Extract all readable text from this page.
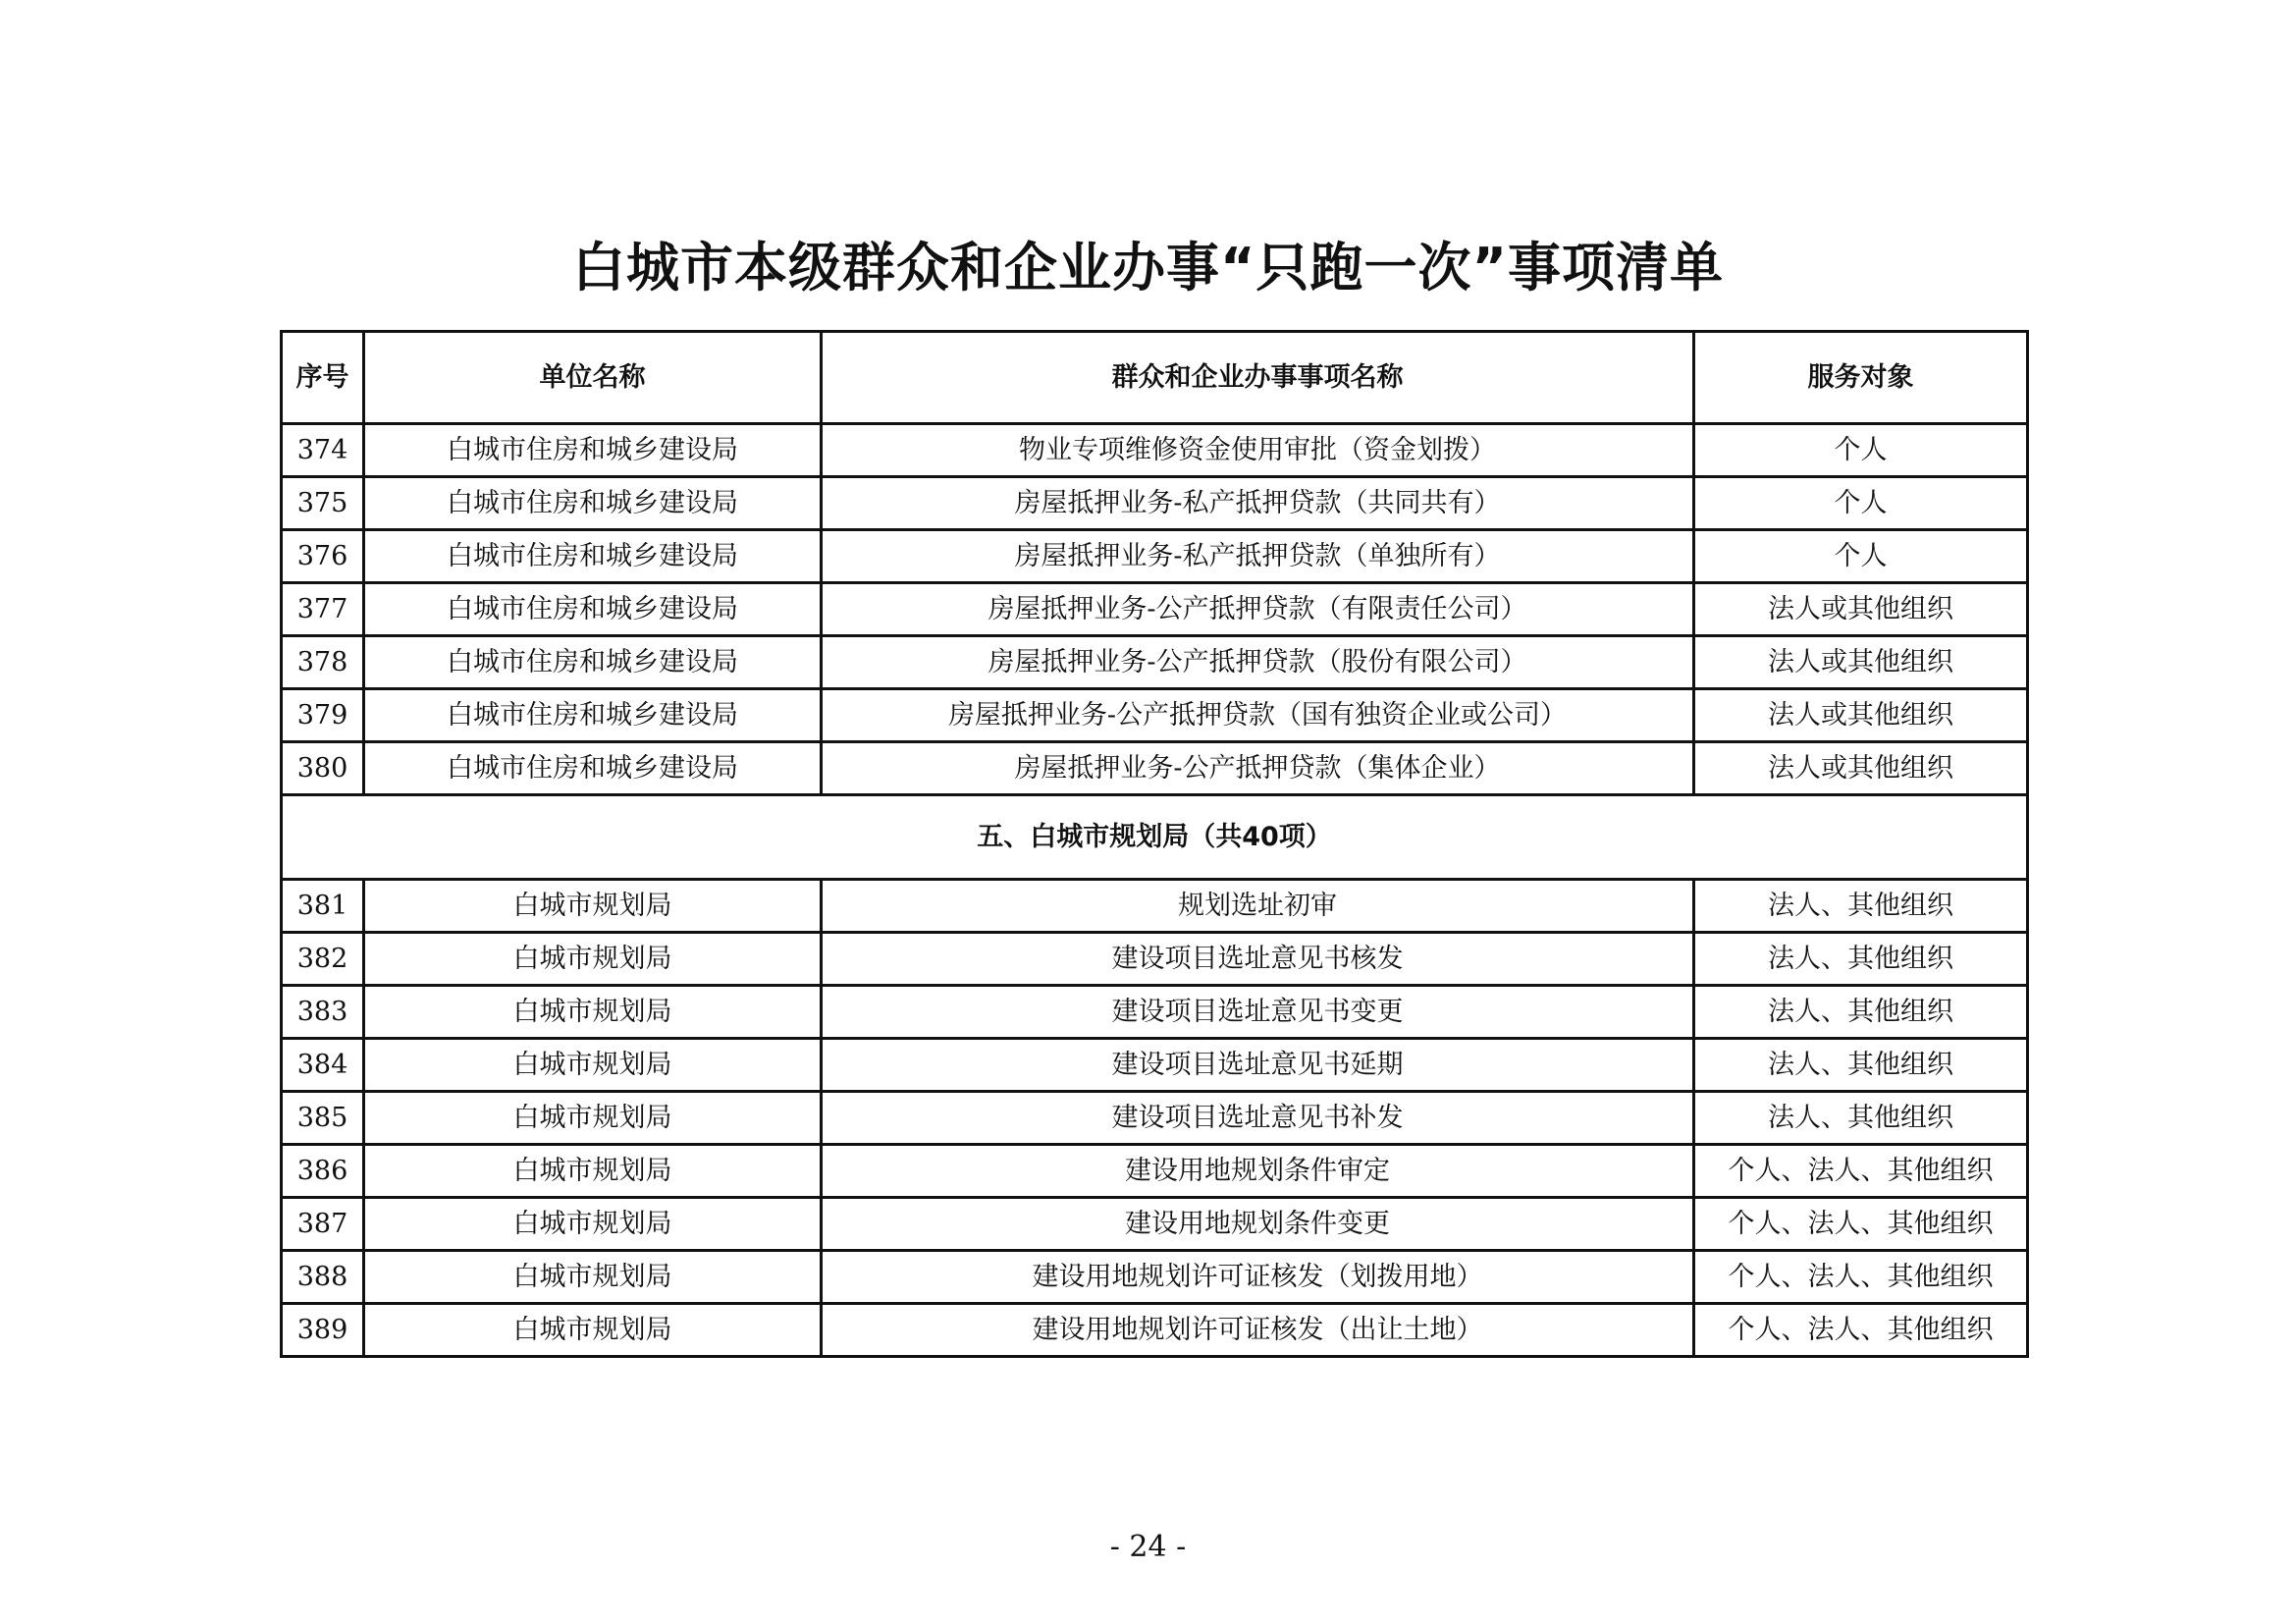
白城市本级群众和企业办事“只跑一次”事项清单
序号	单位名称	群众和企业办事事项名称	服务对象
374	白城市住房和城乡建设局	物业专项维修资金使用审批（资金划拨）	个人
375	白城市住房和城乡建设局	房屋抵押业务-私产抵押贷款（共同共有）	个人
376	白城市住房和城乡建设局	房屋抵押业务-私产抵押贷款（单独所有）	个人
377	白城市住房和城乡建设局	房屋抵押业务-公产抵押贷款（有限责任公司）	法人或其他组织
378	白城市住房和城乡建设局	房屋抵押业务-公产抵押贷款（股份有限公司）	法人或其他组织
379	白城市住房和城乡建设局	房屋抵押业务-公产抵押贷款（国有独资企业或公司）	法人或其他组织
380	白城市住房和城乡建设局	房屋抵押业务-公产抵押贷款（集体企业）	法人或其他组织
五、白城市规划局（共40项）			
381	白城市规划局	规划选址初审	法人、其他组织
382	白城市规划局	建设项目选址意见书核发	法人、其他组织
383	白城市规划局	建设项目选址意见书变更	法人、其他组织
384	白城市规划局	建设项目选址意见书延期	法人、其他组织
385	白城市规划局	建设项目选址意见书补发	法人、其他组织
386	白城市规划局	建设用地规划条件审定	个人、法人、其他组织
387	白城市规划局	建设用地规划条件变更	个人、法人、其他组织
388	白城市规划局	建设用地规划许可证核发（划拨用地）	个人、法人、其他组织
389	白城市规划局	建设用地规划许可证核发（出让土地）	个人、法人、其他组织
- 24 -
